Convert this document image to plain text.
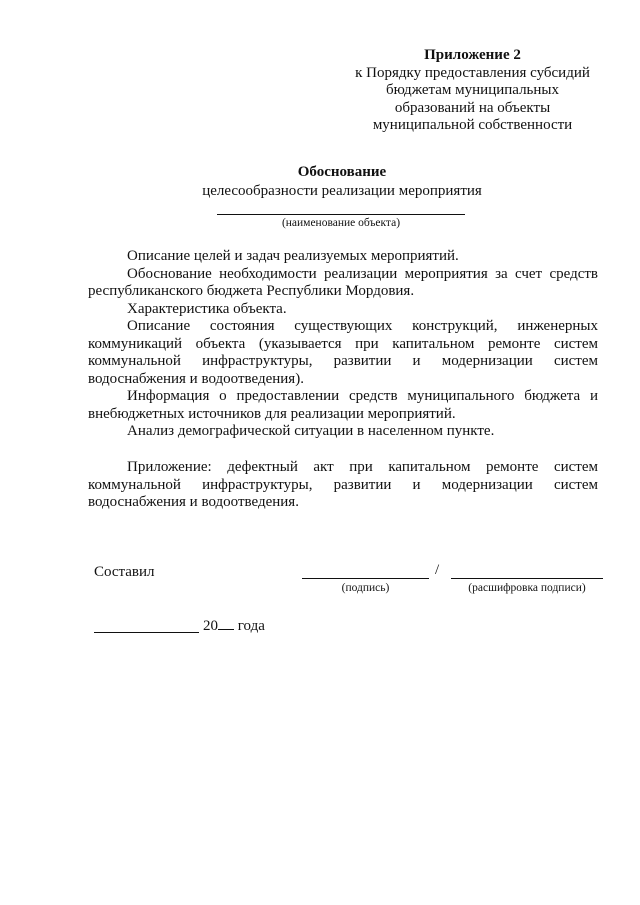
Приложение 2
к Порядку предоставления субсидий
бюджетам муниципальных
образований на объекты
муниципальной собственности
Обоснование
целесообразности реализации мероприятия
(наименование объекта)

Описание целей и задач реализуемых мероприятий.

Обоснование необходимости реализации мероприятия за счет средств республиканского бюджета Республики Мордовия.

Характеристика объекта.

Описание состояния существующих конструкций, инженерных коммуникаций объекта (указывается при капитальном ремонте систем коммунальной инфраструктуры, развитии и модернизации систем водоснабжения и водоотведения).

Информация о предоставлении средств муниципального бюджета и внебюджетных источников для реализации мероприятий.

Анализ демографической ситуации в населенном пункте.

Приложение: дефектный акт при капитальном ремонте систем коммунальной инфраструктуры, развитии и модернизации систем водоснабжения и водоотведения.

Составил	/
(подпись)	(расшифровка подписи)
20 года
